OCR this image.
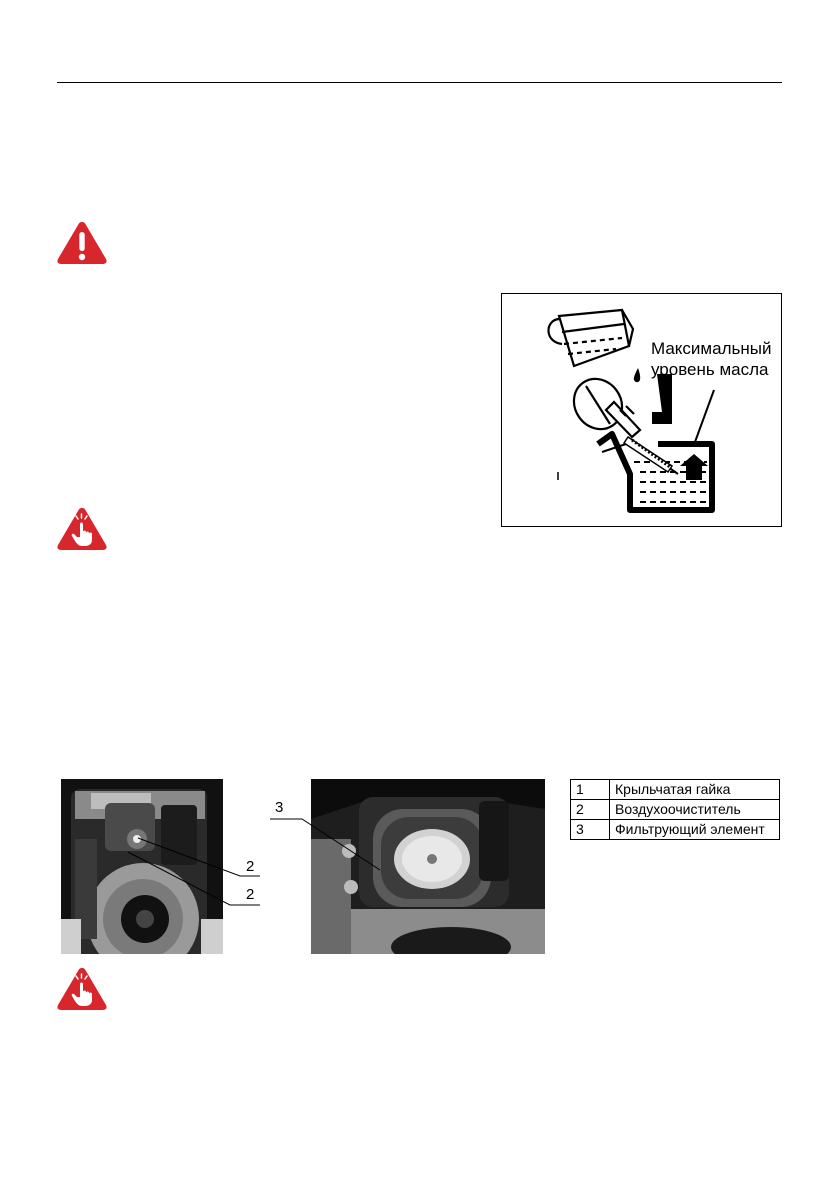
Максимальный
уровень масла
2
2
3
1	Крыльчатая гайка
2	Воздухоочиститель
3	Фильтрующий элемент
